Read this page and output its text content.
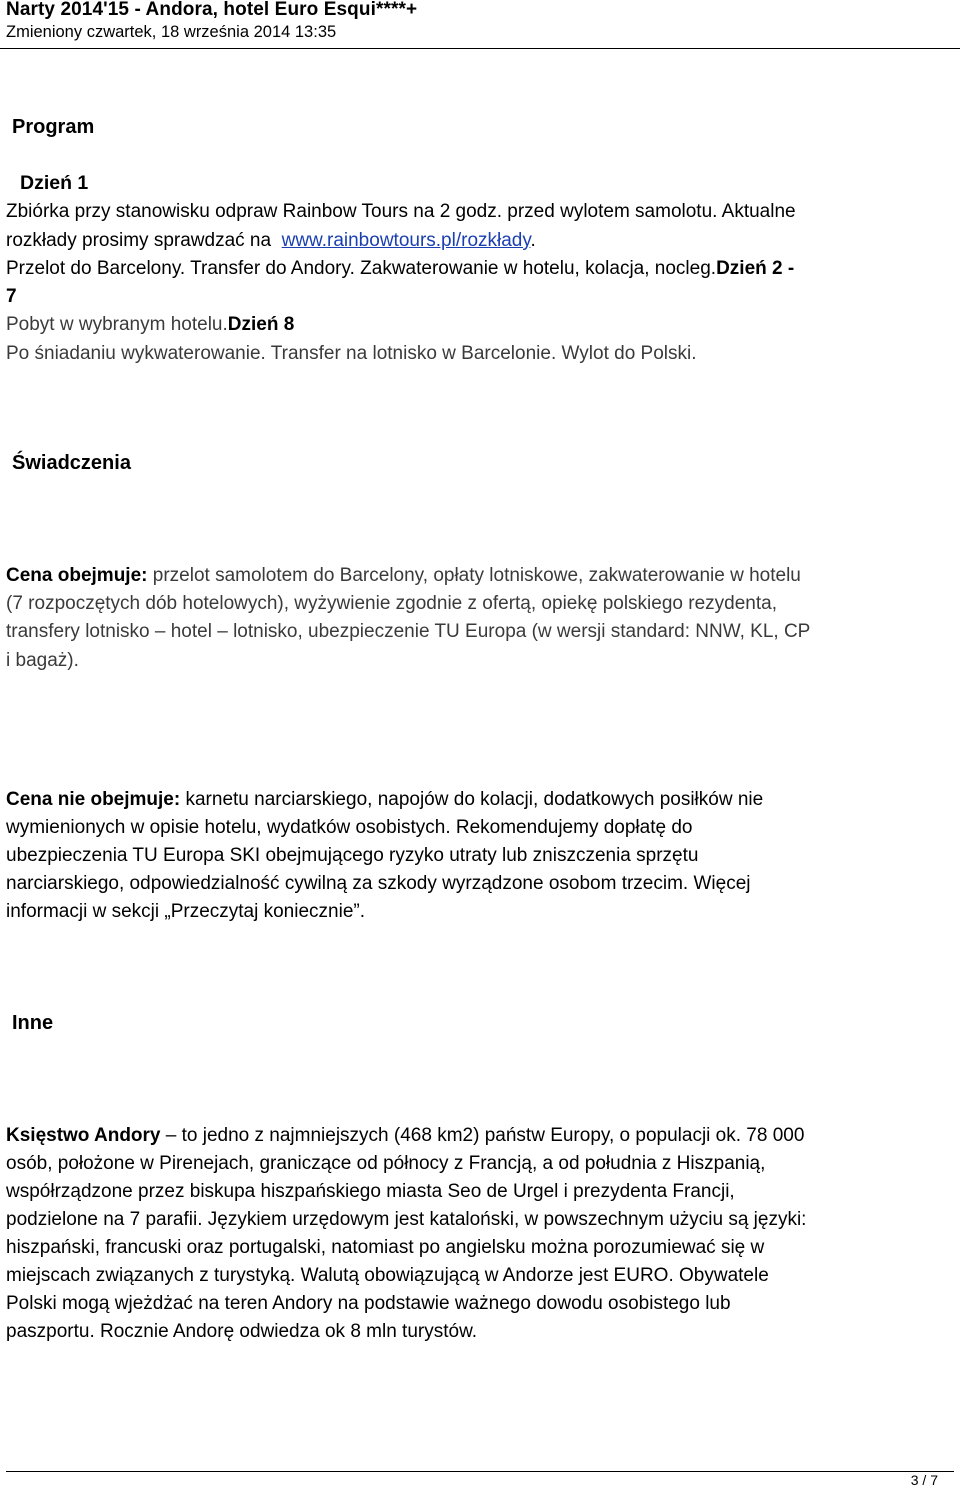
Narty 2014'15 - Andora, hotel Euro Esqui****+
Zmieniony czwartek, 18 września 2014 13:35
Program
Dzień 1
Zbiórka przy stanowisku odpraw Rainbow Tours na 2 godz. przed wylotem samolotu. Aktualne
rozkłady prosimy sprawdzać na www.rainbowtours.pl/rozkłady.
Przelot do Barcelony. Transfer do Andory. Zakwaterowanie w hotelu, kolacja, nocleg.Dzień 2 -
7
Pobyt w wybranym hotelu.Dzień 8
Po śniadaniu wykwaterowanie. Transfer na lotnisko w Barcelonie. Wylot do Polski.
Świadczenia
Cena obejmuje: przelot samolotem do Barcelony, opłaty lotniskowe, zakwaterowanie w hotelu
(7 rozpoczętych dób hotelowych), wyżywienie zgodnie z ofertą, opiekę polskiego rezydenta,
transfery lotnisko – hotel – lotnisko, ubezpieczenie TU Europa (w wersji standard: NNW, KL, CP
i bagaż).
Cena nie obejmuje: karnetu narciarskiego, napojów do kolacji, dodatkowych posiłków nie
wymienionych w opisie hotelu, wydatków osobistych. Rekomendujemy dopłatę do
ubezpieczenia TU Europa SKI obejmującego ryzyko utraty lub zniszczenia sprzętu
narciarskiego, odpowiedzialność cywilną za szkody wyrządzone osobom trzecim. Więcej
informacji w sekcji „Przeczytaj koniecznie”.
Inne
Księstwo Andory – to jedno z najmniejszych (468 km2) państw Europy, o populacji ok. 78 000
osób, położone w Pirenejach, graniczące od północy z Francją, a od południa z Hiszpanią,
współrządzone przez biskupa hiszpańskiego miasta Seo de Urgel i prezydenta Francji,
podzielone na 7 parafii. Językiem urzędowym jest kataloński, w powszechnym użyciu są języki:
hiszpański, francuski oraz portugalski, natomiast po angielsku można porozumiewać się w
miejscach związanych z turystyką. Walutą obowiązującą w Andorze jest EURO. Obywatele
Polski mogą wjeżdżać na teren Andory na podstawie ważnego dowodu osobistego lub
paszportu. Rocznie Andorę odwiedza ok 8 mln turystów.
3 / 7
